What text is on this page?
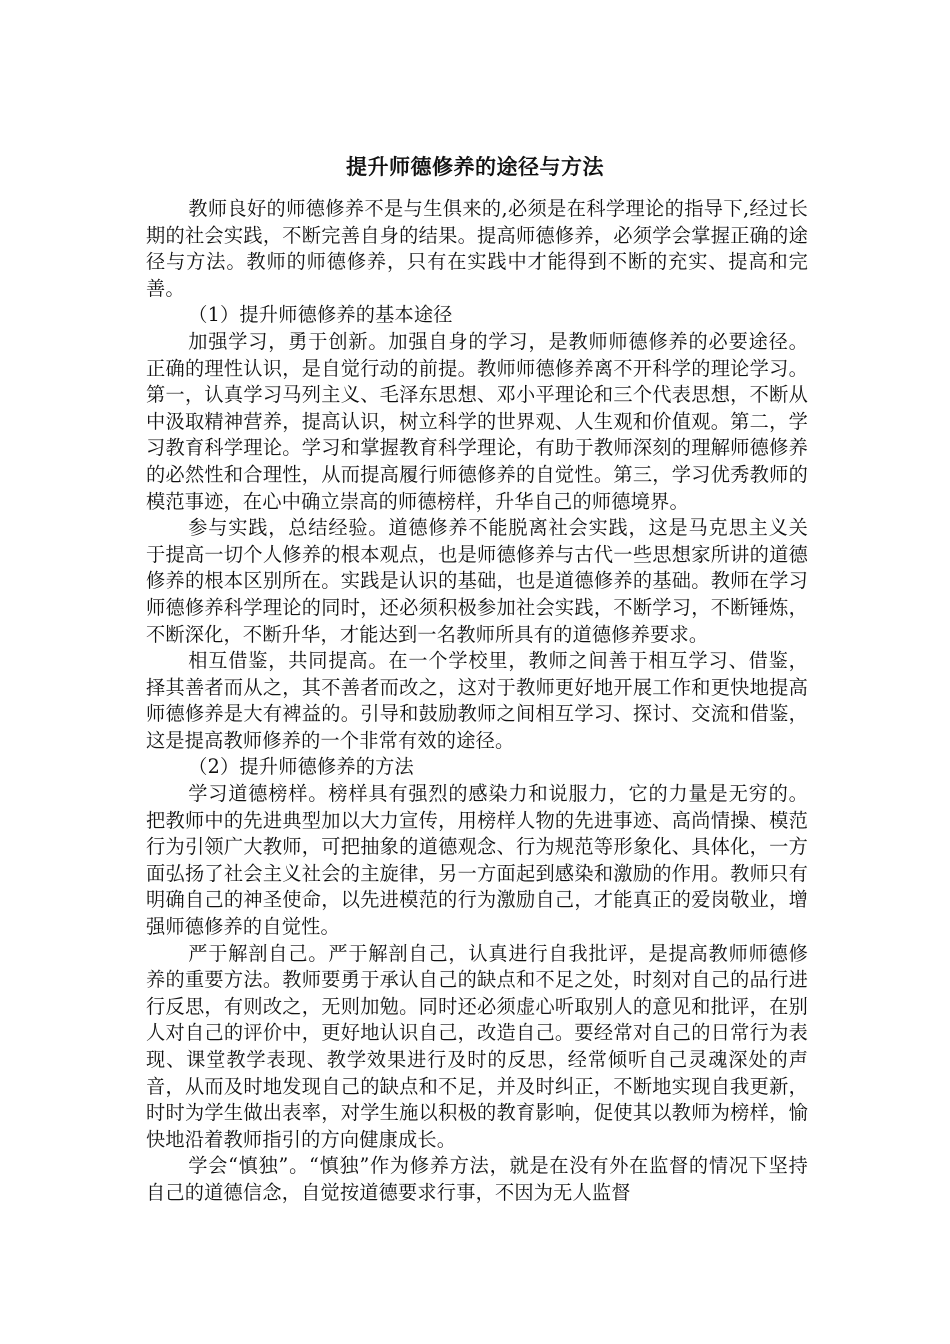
提升师德修养的途径与方法

教师良好的师德修养不是与生俱来的,必须是在科学理论的指导下,经过长期的社会实践，不断完善自身的结果。提高师德修养，必须学会掌握正确的途径与方法。教师的师德修养，只有在实践中才能得到不断的充实、提高和完善。

（1）提升师德修养的基本途径

加强学习，勇于创新。加强自身的学习，是教师师德修养的必要途径。正确的理性认识，是自觉行动的前提。教师师德修养离不开科学的理论学习。第一，认真学习马列主义、毛泽东思想、邓小平理论和三个代表思想，不断从中汲取精神营养，提高认识，树立科学的世界观、人生观和价值观。第二，学习教育科学理论。学习和掌握教育科学理论，有助于教师深刻的理解师德修养的必然性和合理性，从而提高履行师德修养的自觉性。第三，学习优秀教师的模范事迹，在心中确立崇高的师德榜样，升华自己的师德境界。

参与实践，总结经验。道德修养不能脱离社会实践，这是马克思主义关于提高一切个人修养的根本观点，也是师德修养与古代一些思想家所讲的道德修养的根本区别所在。实践是认识的基础，也是道德修养的基础。教师在学习师德修养科学理论的同时，还必须积极参加社会实践，不断学习，不断锤炼，不断深化，不断升华，才能达到一名教师所具有的道德修养要求。

相互借鉴，共同提高。在一个学校里，教师之间善于相互学习、借鉴，择其善者而从之，其不善者而改之，这对于教师更好地开展工作和更快地提高师德修养是大有裨益的。引导和鼓励教师之间相互学习、探讨、交流和借鉴，这是提高教师修养的一个非常有效的途径。

（2）提升师德修养的方法

学习道德榜样。榜样具有强烈的感染力和说服力，它的力量是无穷的。把教师中的先进典型加以大力宣传，用榜样人物的先进事迹、高尚情操、模范行为引领广大教师，可把抽象的道德观念、行为规范等形象化、具体化，一方面弘扬了社会主义社会的主旋律，另一方面起到感染和激励的作用。教师只有明确自己的神圣使命，以先进模范的行为激励自己，才能真正的爱岗敬业，增强师德修养的自觉性。

严于解剖自己。严于解剖自己，认真进行自我批评，是提高教师师德修养的重要方法。教师要勇于承认自己的缺点和不足之处，时刻对自己的品行进行反思，有则改之，无则加勉。同时还必须虚心听取别人的意见和批评，在别人对自己的评价中，更好地认识自己，改造自己。要经常对自己的日常行为表现、课堂教学表现、教学效果进行及时的反思，经常倾听自己灵魂深处的声音，从而及时地发现自己的缺点和不足，并及时纠正，不断地实现自我更新，时时为学生做出表率，对学生施以积极的教育影响，促使其以教师为榜样，愉快地沿着教师指引的方向健康成长。

学会“慎独”。“慎独”作为修养方法，就是在没有外在监督的情况下坚持自己的道德信念，自觉按道德要求行事，不因为无人监督
